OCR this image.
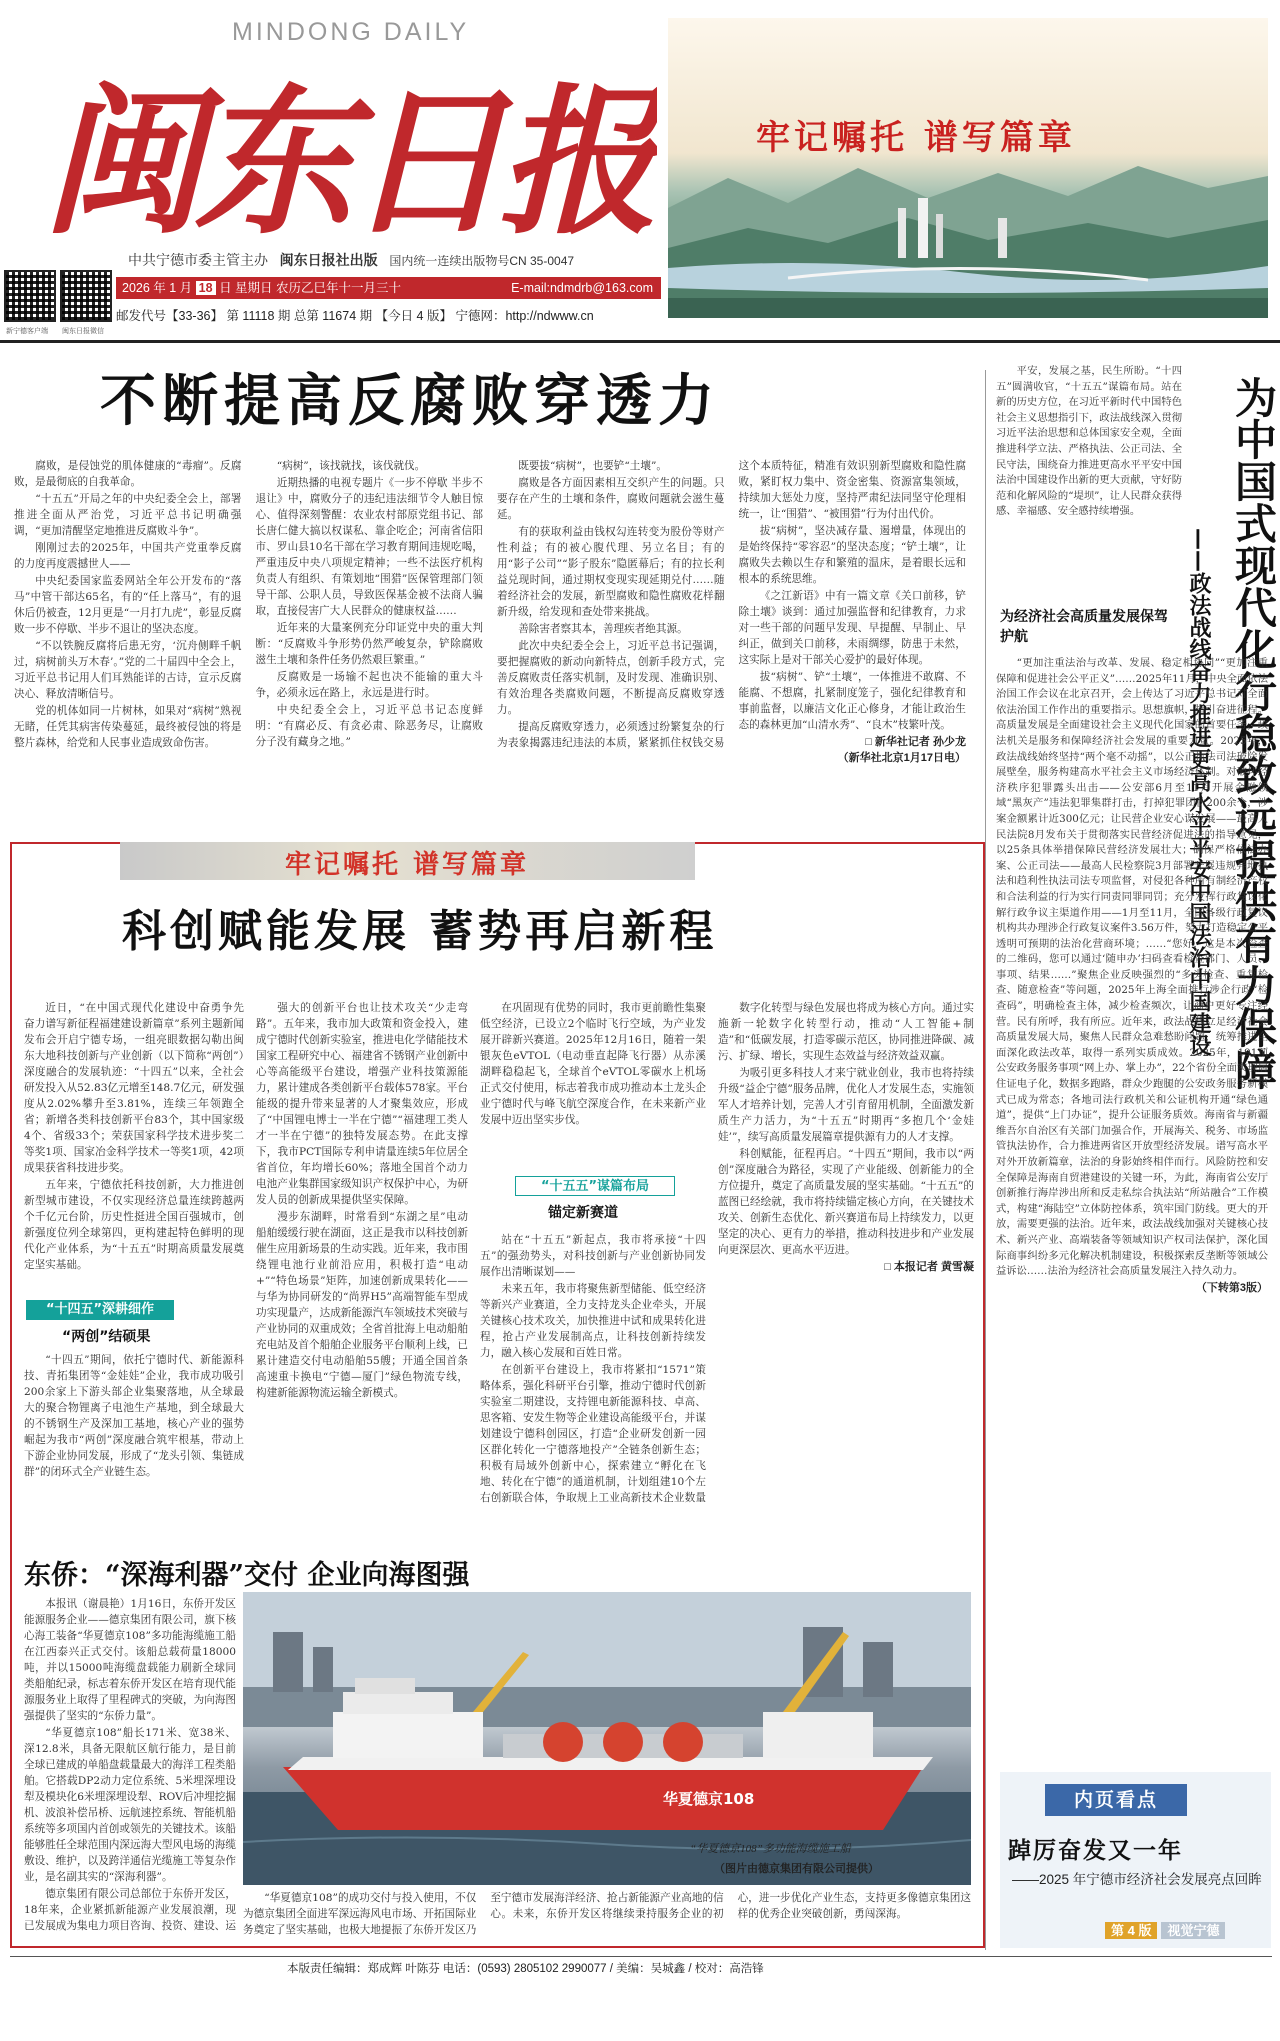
MINDONG DAILY
闽东日报
中共宁德市委主管主办 闽东日报社出版 国内统一连续出版物号CN 35-0047
新宁德客户端 闽东日报微信
2026 年 1 月 18 日 星期日 农历乙巳年十一月三十	E-mail:ndmdrb@163.com
邮发代号【33-36】 第 11118 期 总第 11674 期 【今日 4 版】 宁德网：http://ndwww.cn
牢记嘱托 谱写篇章
不断提高反腐败穿透力

腐败，是侵蚀党的肌体健康的“毒瘤”。反腐败，是最彻底的自我革命。

“十五五”开局之年的中央纪委全会上，部署推进全面从严治党，习近平总书记明确强调，“更加清醒坚定地推进反腐败斗争”。

刚刚过去的2025年，中国共产党重拳反腐的力度再度震撼世人——

中央纪委国家监委网站全年公开发布的“落马”中管干部达65名，有的“任上落马”，有的退休后仍被查，12月更是“一月打九虎”，彰显反腐败一步不停歇、半步不退让的坚决态度。

“不以铁腕反腐将后患无穷，‘沉舟侧畔千帆过，病树前头万木春’。”党的二十届四中全会上，习近平总书记用人们耳熟能详的古诗，宣示反腐决心、释放清晰信号。

党的机体如同一片树林，如果对“病树”熟视无睹，任凭其病害传染蔓延，最终被侵蚀的将是整片森林，给党和人民事业造成致命伤害。

“病树”，该找就找，该伐就伐。

近期热播的电视专题片《一步不停歇 半步不退让》中，腐败分子的违纪违法细节令人触目惊心、值得深刻警醒：农业农村部原党组书记、部长唐仁健大搞以权谋私、靠企吃企；河南省信阳市、罗山县10名干部在学习教育期间违规吃喝，严重违反中央八项规定精神；一些不法医疗机构负责人有组织、有策划地“围猎”医保管理部门领导干部、公职人员，导致医保基金被不法商人骗取，直接侵害广大人民群众的健康权益……

近年来的大量案例充分印证党中央的重大判断：“反腐败斗争形势仍然严峻复杂，铲除腐败滋生土壤和条件任务仍然艰巨繁重。”

反腐败是一场输不起也决不能输的重大斗争，必须永远在路上，永远是进行时。

中央纪委全会上，习近平总书记态度鲜明：“有腐必反、有贪必肃、除恶务尽，让腐败分子没有藏身之地。”

既要拔“病树”，也要铲“土壤”。

腐败是各方面因素相互交织产生的问题。只要存在产生的土壤和条件，腐败问题就会滋生蔓延。

有的获取利益由钱权勾连转变为股份等财产性利益；有的被心腹代理、另立名目；有的用“影子公司”“影子股东”隐匿幕后；有的拉长利益兑现时间，通过期权变现实现延期兑付……随着经济社会的发展，新型腐败和隐性腐败花样翻新升级，给发现和查处带来挑战。

善除害者察其本，善理疾者绝其源。

此次中央纪委全会上，习近平总书记强调，要把握腐败的新动向新特点，创新手段方式，完善反腐败责任落实机制，及时发现、准确识别、有效治理各类腐败问题，不断提高反腐败穿透力。

提高反腐败穿透力，必须透过纷繁复杂的行为表象揭露违纪违法的本质，紧紧抓住权钱交易这个本质特征，精准有效识别新型腐败和隐性腐败，紧盯权力集中、资金密集、资源富集领域，持续加大惩处力度，坚持严肃纪法同坚守伦理相统一，让“围猎”、“被围猎”行为付出代价。

拔“病树”，坚决减存量、遏增量，体现出的是始终保持“零容忍”的坚决态度；“铲土壤”，让腐败失去赖以生存和繁殖的温床，是着眼长远和根本的系统思维。

《之江新语》中有一篇文章《关口前移，铲除土壤》谈到：通过加强监督和纪律教育，力求对一些干部的问题早发现、早提醒、早制止、早纠正，做到关口前移，未雨绸缪，防患于未然，这实际上是对干部关心爱护的最好体现。

拔“病树”、铲“土壤”，一体推进不敢腐、不能腐、不想腐，扎紧制度笼子，强化纪律教育和事前监督，以廉洁文化正心修身，才能让政治生态的森林更加“山清水秀”、“良木”枝繁叶茂。

□ 新华社记者 孙少龙
（新华社北京1月17日电）

平安，发展之基，民生所盼。“十四五”圆满收官，“十五五”谋篇布局。站在新的历史方位，在习近平新时代中国特色社会主义思想指引下，政法战线深入贯彻习近平法治思想和总体国家安全观，全面推进科学立法、严格执法、公正司法、全民守法，围绕奋力推进更高水平平安中国法治中国建设作出新的更大贡献，守好防范和化解风险的“堤坝”，让人民群众获得感、幸福感、安全感持续增强。	为中国式现代化行稳致远提供有力保障
——政法战线奋力推进更高水平平安中国法治中国建设
为经济社会高质量发展保驾护航

“更加注重法治与改革、发展、稳定相协同”“更加注重保障和促进社会公平正义”……2025年11月，中央全面依法治国工作会议在北京召开，会上传达了习近平总书记对全面依法治国工作作出的重要指示。思想旗帜，指引奋进征程。高质量发展是全面建设社会主义现代化国家的首要任务，政法机关是服务和保障经济社会发展的重要力量。2025年，政法战线始终坚持“两个毫不动摇”，以公正执法司法破除发展壁垒，服务构建高水平社会主义市场经济体制。对破坏经济秩序犯罪露头出击——公安部6月至11月开展金融领域“黑灰产”违法犯罪集群打击，打掉犯罪团伙200余个，涉案金额累计近300亿元；让民营企业安心谋发展——最高人民法院8月发布关于贯彻落实民营经济促进法的指导意见，以25条具体举措保障民营经济发展壮大；确保严格依法办案、公正司法——最高人民检察院3月部署开展违规异地执法和趋利性执法司法专项监督，对侵犯各种所有制经济产权和合法利益的行为实行同责同罪同罚；充分发挥行政复议化解行政争议主渠道作用——1月至11月，全国各级行政复议机构共办理涉企行政复议案件3.56万件，努力打造稳定公平透明可预期的法治化营商环境；……“您好，这是本次检查的二维码，您可以通过‘随申办’扫码查看检查部门、人员、事项、结果……”聚焦企业反映强烈的“多头检查、重复检查、随意检查”等问题，2025年上海全面推行涉企行政“检查码”，明确检查主体，减少检查频次，让商户更好专注经营。民有所呼，我有所应。近年来，政法战线立足经济社会高质量发展大局，聚焦人民群众急难愁盼问题，统筹推进全面深化政法改革，取得一系列实质成效。2025年，191项公安政务服务事项“网上办、掌上办”，22个省份全面实现居住证电子化，数据多跑路，群众少跑腿的公安政务服务新模式已成为常态；各地司法行政机关和公证机构开通“绿色通道”，提供“上门办证”，提升公证服务质效。海南省与新疆维吾尔自治区有关部门加强合作，开展海关、税务、市场监管执法协作，合力推进两省区开放型经济发展。谱写高水平对外开放新篇章，法治的身影始终相伴而行。风险防控和安全保障是海南自贸港建设的关键一环，为此，海南省公安厅创新推行海岸涉出所和反走私综合执法站“所站融合”工作模式，构建“海陆空”立体防控体系，筑牢国门防线。更大的开放，需要更强的法治。近年来，政法战线加强对关键核心技术、新兴产业、高端装备等领域知识产权司法保护，深化国际商事纠纷多元化解决机制建设，积极探索反垄断等领域公益诉讼……法治为经济社会高质量发展注入持久动力。

（下转第3版）
牢记嘱托 谱写篇章
科创赋能发展 蓄势再启新程

近日，“在中国式现代化建设中奋勇争先 奋力谱写新征程福建建设新篇章”系列主题新闻发布会开启宁德专场，一组亮眼数据勾勒出闽东大地科技创新与产业创新（以下简称“两创”）深度融合的发展轨迹：“十四五”以来，全社会研发投入从52.83亿元增至148.7亿元，研发强度从2.02%攀升至3.81%，连续三年领跑全省；新增各类科技创新平台83个，其中国家级4个、省级33个；荣获国家科学技术进步奖二等奖1项、国家冶金科学技术一等奖1项，42项成果获省科技进步奖。

五年来，宁德依托科技创新，大力推进创新型城市建设，不仅实现经济总量连续跨越两个千亿元台阶，历史性挺进全国百强城市，创新强度位列全球第四，更构建起特色鲜明的现代化产业体系，为“十五五”时期高质量发展奠定坚实基础。

“十四五”深耕细作
“两创”结硕果

“十四五”期间，依托宁德时代、新能源科技、青拓集团等“金娃娃”企业，我市成功吸引200余家上下游头部企业集聚落地，从全球最大的聚合物锂离子电池生产基地，到全球最大的不锈钢生产及深加工基地，核心产业的强势崛起为我市“两创”深度融合筑牢根基，带动上下游企业协同发展，形成了“龙头引领、集链成群”的闭环式全产业链生态。

强大的创新平台也让技术攻关“少走弯路”。五年来，我市加大政策和资金投入，建成宁德时代创新实验室，推进电化学储能技术国家工程研究中心、福建省不锈钢产业创新中心等高能级平台建设，增强产业科技策源能力，累计建成各类创新平台载体578家。平台能级的提升带来显著的人才聚集效应，形成了“中国锂电博士一半在宁德”“福建理工类人才一半在宁德”的独特发展态势。在此支撑下，我市PCT国际专利申请量连续5年位居全省首位，年均增长60%；落地全国首个动力电池产业集群国家级知识产权保护中心，为研发人员的创新成果提供坚实保障。

漫步东湖畔，时常看到“东湖之星”电动船舶缓缓行驶在湖面，这正是我市以科技创新催生应用新场景的生动实践。近年来，我市围绕锂电池行业前沿应用，积极打造“电动+”“特色场景”矩阵，加速创新成果转化——与华为协同研发的“尚界H5”高端智能车型成功实现量产，达成新能源汽车领域技术突破与产业协同的双重成效；全省首批海上电动船舶充电站及首个船舶企业服务平台顺利上线，已累计建造交付电动船舶55艘；开通全国首条高速重卡换电“宁德—厦门”绿色物流专线，构建新能源物流运输全新模式。

在巩固现有优势的同时，我市更前瞻性集聚低空经济，已设立2个临时飞行空域，为产业发展开辟新兴赛道。2025年12月16日，随着一架银灰色eVTOL（电动垂直起降飞行器）从赤溪湖畔稳稳起飞，全球首个eVTOL零碳水上机场正式交付使用，标志着我市成功推动本土龙头企业宁德时代与峰飞航空深度合作，在未来新产业发展中迈出坚实步伐。

“十五五”谋篇布局
锚定新赛道

站在“十五五”新起点，我市将承接“十四五”的强劲势头，对科技创新与产业创新协同发展作出清晰谋划——

未来五年，我市将聚焦新型储能、低空经济等新兴产业赛道，全力支持龙头企业牵头，开展关键核心技术攻关，加快推进中试和成果转化进程，抢占产业发展制高点，让科技创新持续发力，融入核心发展和百姓日常。

在创新平台建设上，我市将紧扣“1571”策略体系，强化科研平台引擎，推动宁德时代创新实验室二期建设，支持锂电新能源科技、卓高、思客箱、安发生物等企业建设高能级平台，并谋划建设宁德科创园区，打造“企业研发创新一园区群化转化一宁德落地投产”全链条创新生态；积极有局域外创新中心，探索建立“孵化在飞地、转化在宁德”的通道机制，计划组建10个左右创新联合体，争取规上工业高新技术企业数量

数字化转型与绿色发展也将成为核心方向。通过实施新一轮数字化转型行动，推动“人工智能+制造”和“低碳发展，打造零碳示范区，协同推进降碳、减污、扩绿、增长，实现生态效益与经济效益双赢。

为吸引更多科技人才来宁就业创业，我市也将持续升级“益企宁德”服务品牌，优化人才发展生态，实施领军人才培养计划，完善人才引育留用机制，全面激发新质生产力活力，为“十五五”时期再“多抱几个‘金娃娃’”，续写高质量发展篇章提供源有力的人才支撑。

科创赋能，征程再启。“十四五”期间，我市以“两创”深度融合为路径，实现了产业能级、创新能力的全方位提升，奠定了高质量发展的坚实基础。“十五五”的蓝图已经绘就，我市将持续锚定核心方向，在关键技术攻关、创新生态优化、新兴赛道布局上持续发力，以更坚定的决心、更有力的举措，推动科技进步和产业发展向更深层次、更高水平迈进。

□ 本报记者 黄雪凝
东侨：“深海利器”交付 企业向海图强

本报讯（谢晨艳）1月16日，东侨开发区能源服务企业——德京集团有限公司，旗下核心海工装备“华夏德京108”多功能海缆施工船在江西泰兴正式交付。该船总载荷量18000吨，并以15000吨海缆盘载能力刷新全球同类船舶纪录，标志着东侨开发区在培育现代能源服务业上取得了里程碑式的突破，为向海图强提供了坚实的“东侨力量”。

“华夏德京108”船长171米、宽38米、深12.8米，具备无限航区航行能力，是目前全球已建成的单船盘载量最大的海洋工程类船舶。它搭载DP2动力定位系统、5米埋深埋设犁及模块化6米埋深埋设犁、ROV后冲埋挖掘机、波浪补偿吊桥、远航速控系统、智能机船系统等多项国内首创或领先的关键技术。该船能够胜任全球范围内深远海大型风电场的海缆敷设、维护，以及跨洋通信光缆施工等复杂作业，是名副其实的“深海利器”。

德京集团有限公司总部位于东侨开发区，18年来，企业紧抓新能源产业发展浪潮，现已发展成为集电力项目咨询、投资、建设、运

华夏德京108
“华夏德京108”多功能海缆施工船
（图片由德京集团有限公司提供）

“华夏德京108”的成功交付与投入使用，不仅为德京集团全面进军深远海风电市场、开拓国际业务奠定了坚实基础，也极大地提振了东侨开发区乃至宁德市发展海洋经济、抢占新能源产业高地的信心。未来，东侨开发区将继续秉持服务企业的初心，进一步优化产业生态，支持更多像德京集团这样的优秀企业突破创新，勇闯深海。

内页看点
踔厉奋发又一年
——2025 年宁德市经济社会发展亮点回眸
第 4 版 视觉宁德
本版责任编辑：郑成辉 叶陈芬 电话：(0593) 2805102 2990077 / 美编：吴城鑫 / 校对：高浩锋
